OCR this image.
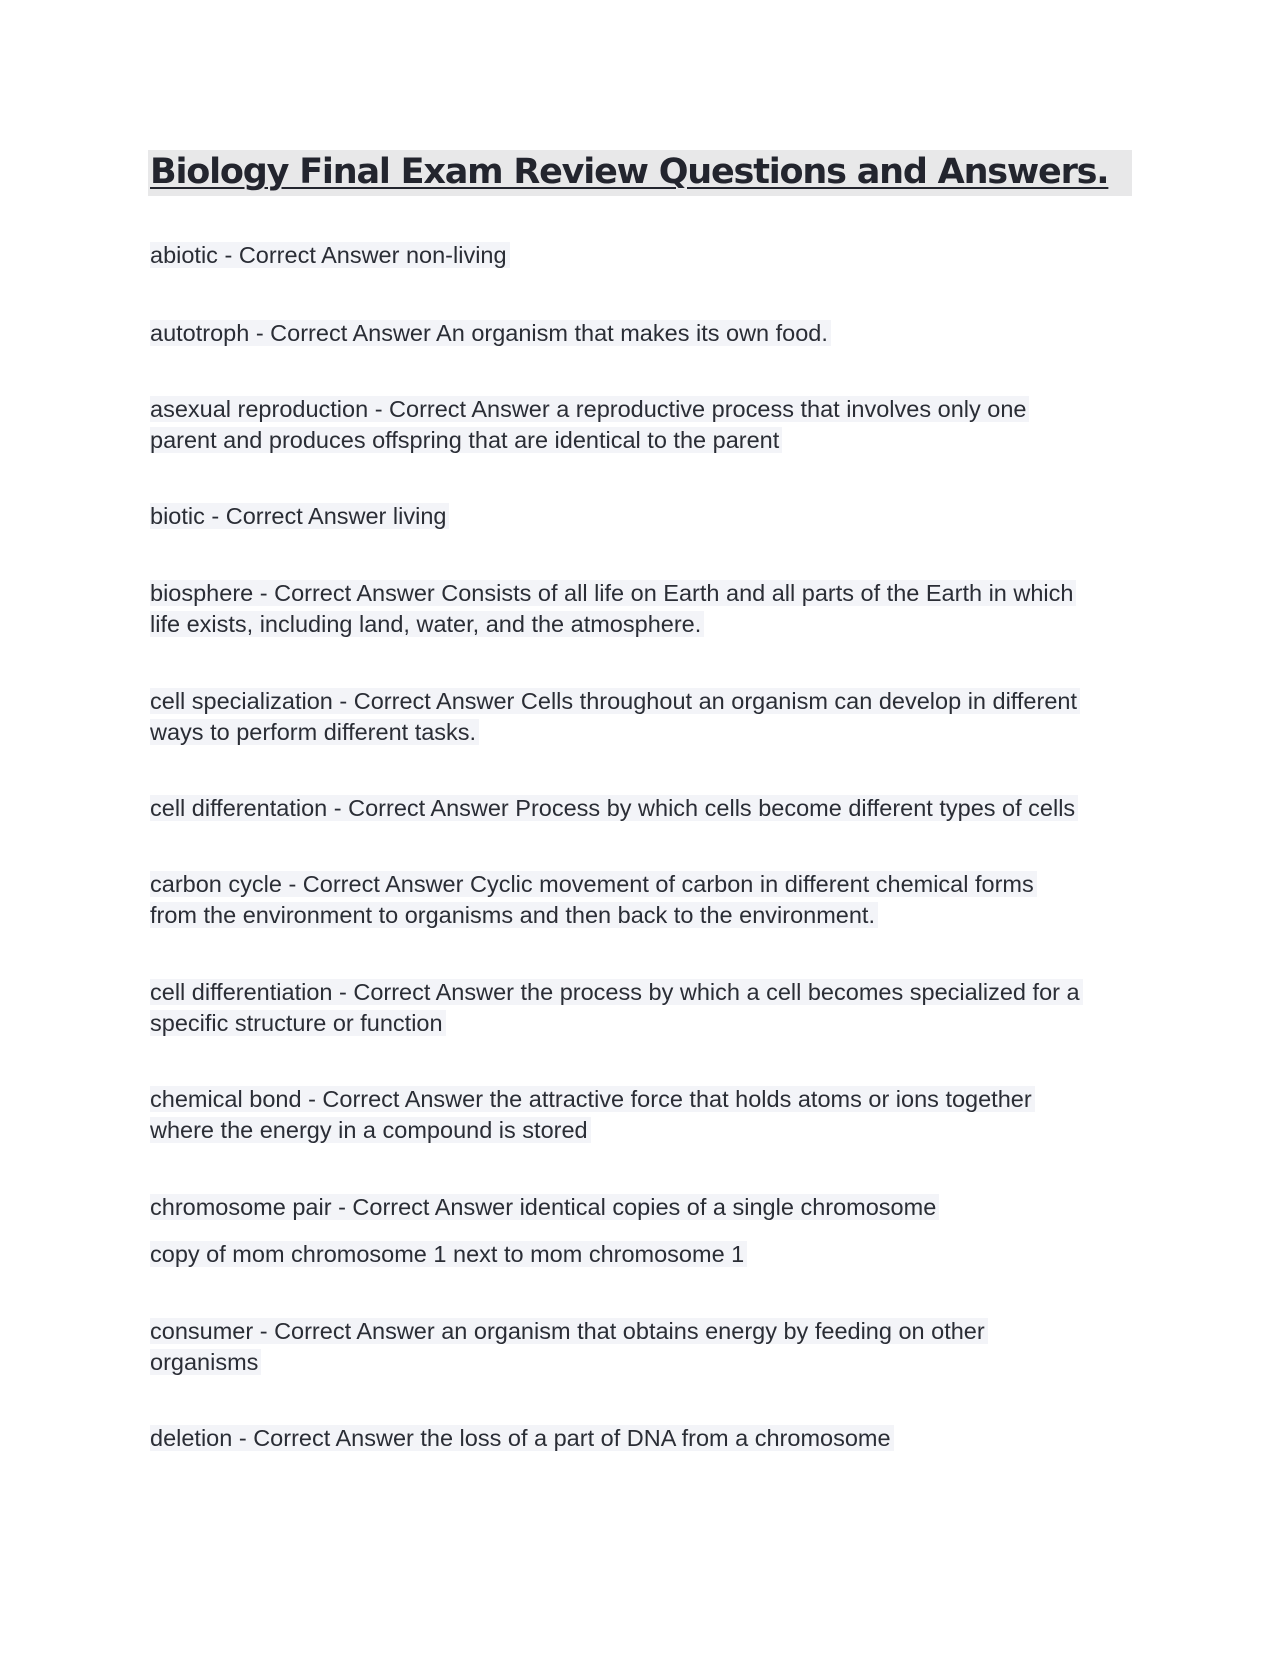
Biology Final Exam Review Questions and Answers.

abiotic - Correct Answer non-living

autotroph - Correct Answer An organism that makes its own food.

asexual reproduction - Correct Answer a reproductive process that involves only one
parent and produces offspring that are identical to the parent

biotic - Correct Answer living

biosphere - Correct Answer Consists of all life on Earth and all parts of the Earth in which
life exists, including land, water, and the atmosphere.

cell specialization - Correct Answer Cells throughout an organism can develop in different
ways to perform different tasks.

cell differentation - Correct Answer Process by which cells become different types of cells

carbon cycle - Correct Answer Cyclic movement of carbon in different chemical forms
from the environment to organisms and then back to the environment.

cell differentiation - Correct Answer the process by which a cell becomes specialized for a
specific structure or function

chemical bond - Correct Answer the attractive force that holds atoms or ions together
where the energy in a compound is stored

chromosome pair - Correct Answer identical copies of a single chromosome

copy of mom chromosome 1 next to mom chromosome 1

consumer - Correct Answer an organism that obtains energy by feeding on other
organisms

deletion - Correct Answer the loss of a part of DNA from a chromosome
